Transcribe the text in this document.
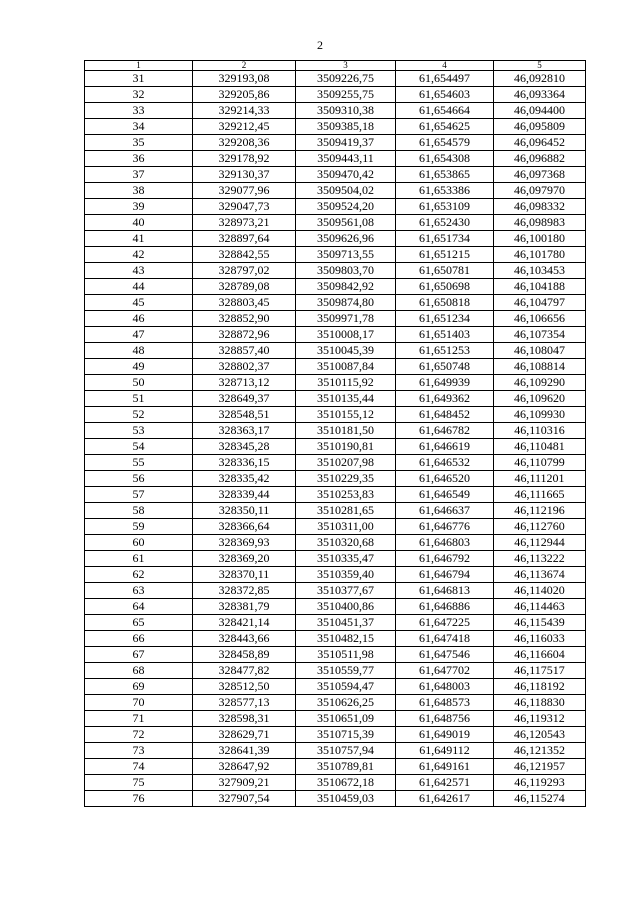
2
1	2	3	4	5
31	329193,08	3509226,75	61,654497	46,092810
32	329205,86	3509255,75	61,654603	46,093364
33	329214,33	3509310,38	61,654664	46,094400
34	329212,45	3509385,18	61,654625	46,095809
35	329208,36	3509419,37	61,654579	46,096452
36	329178,92	3509443,11	61,654308	46,096882
37	329130,37	3509470,42	61,653865	46,097368
38	329077,96	3509504,02	61,653386	46,097970
39	329047,73	3509524,20	61,653109	46,098332
40	328973,21	3509561,08	61,652430	46,098983
41	328897,64	3509626,96	61,651734	46,100180
42	328842,55	3509713,55	61,651215	46,101780
43	328797,02	3509803,70	61,650781	46,103453
44	328789,08	3509842,92	61,650698	46,104188
45	328803,45	3509874,80	61,650818	46,104797
46	328852,90	3509971,78	61,651234	46,106656
47	328872,96	3510008,17	61,651403	46,107354
48	328857,40	3510045,39	61,651253	46,108047
49	328802,37	3510087,84	61,650748	46,108814
50	328713,12	3510115,92	61,649939	46,109290
51	328649,37	3510135,44	61,649362	46,109620
52	328548,51	3510155,12	61,648452	46,109930
53	328363,17	3510181,50	61,646782	46,110316
54	328345,28	3510190,81	61,646619	46,110481
55	328336,15	3510207,98	61,646532	46,110799
56	328335,42	3510229,35	61,646520	46,111201
57	328339,44	3510253,83	61,646549	46,111665
58	328350,11	3510281,65	61,646637	46,112196
59	328366,64	3510311,00	61,646776	46,112760
60	328369,93	3510320,68	61,646803	46,112944
61	328369,20	3510335,47	61,646792	46,113222
62	328370,11	3510359,40	61,646794	46,113674
63	328372,85	3510377,67	61,646813	46,114020
64	328381,79	3510400,86	61,646886	46,114463
65	328421,14	3510451,37	61,647225	46,115439
66	328443,66	3510482,15	61,647418	46,116033
67	328458,89	3510511,98	61,647546	46,116604
68	328477,82	3510559,77	61,647702	46,117517
69	328512,50	3510594,47	61,648003	46,118192
70	328577,13	3510626,25	61,648573	46,118830
71	328598,31	3510651,09	61,648756	46,119312
72	328629,71	3510715,39	61,649019	46,120543
73	328641,39	3510757,94	61,649112	46,121352
74	328647,92	3510789,81	61,649161	46,121957
75	327909,21	3510672,18	61,642571	46,119293
76	327907,54	3510459,03	61,642617	46,115274
